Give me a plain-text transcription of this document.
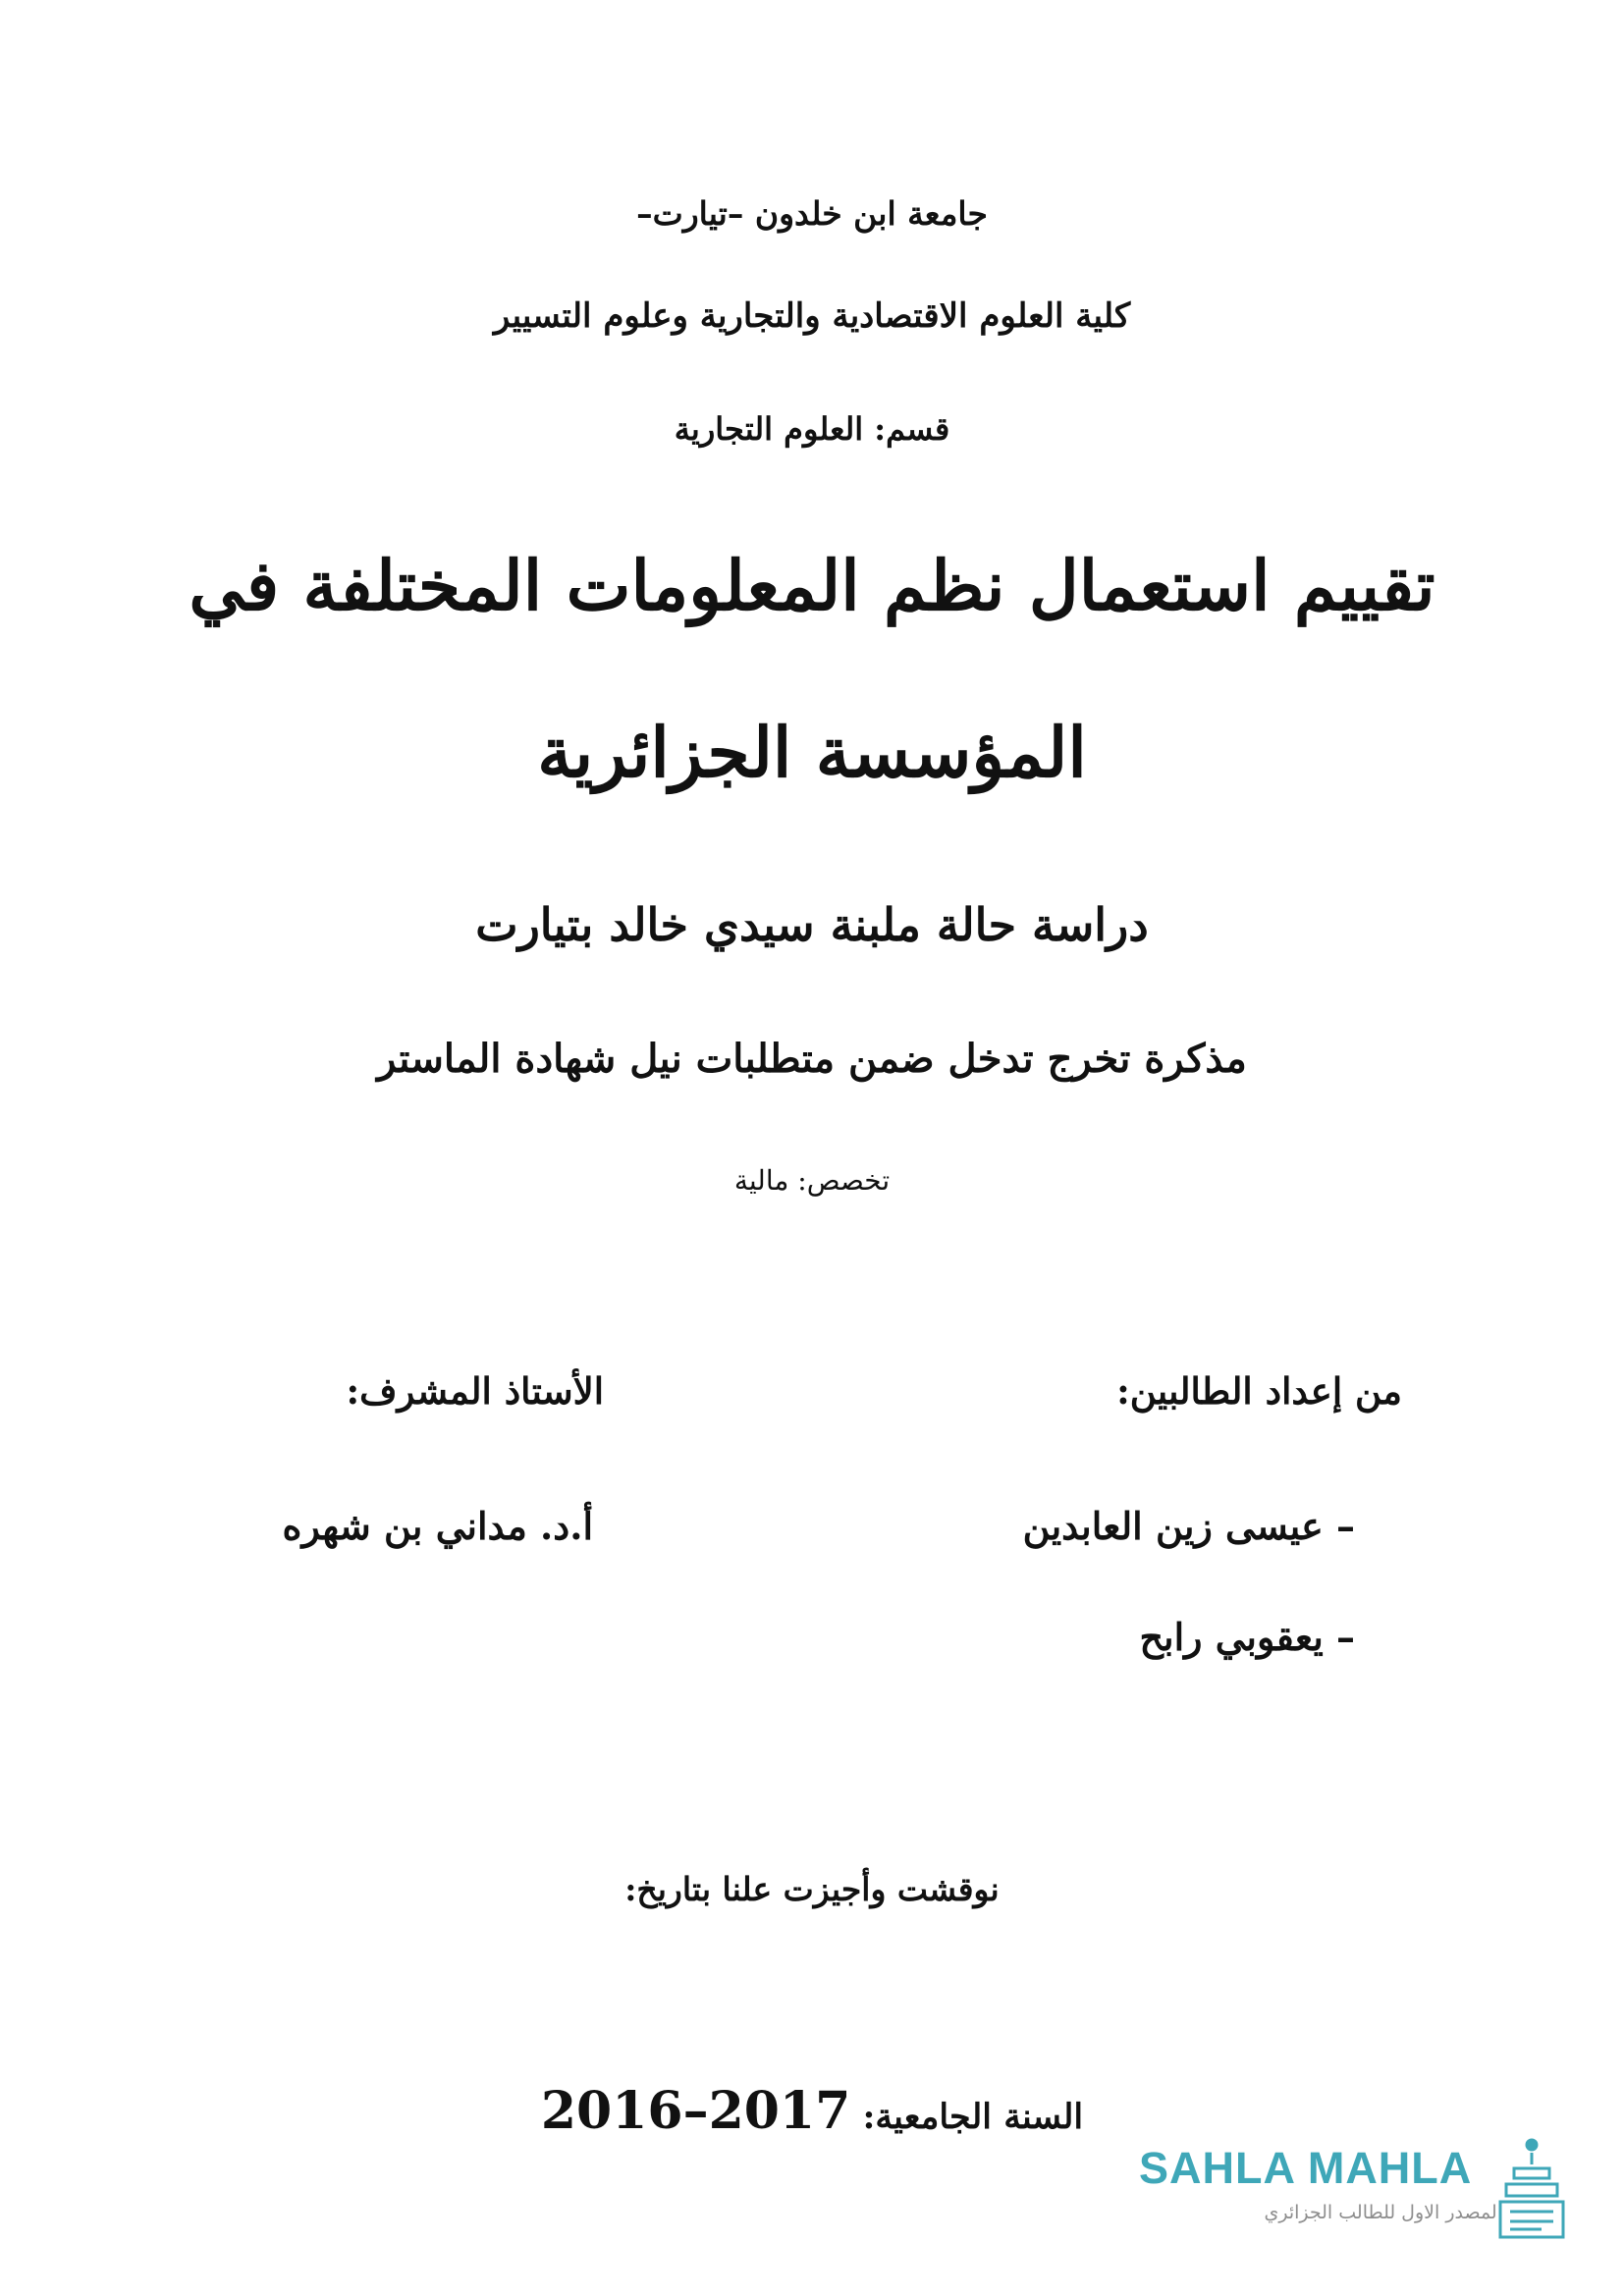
جامعة ابن خلدون –تيارت–
كلية العلوم الاقتصادية والتجارية وعلوم التسيير
قسم: العلوم التجارية
تقييم استعمال نظم المعلومات المختلفة في
المؤسسة الجزائرية
دراسة حالة ملبنة سيدي خالد بتيارت
مذكرة تخرج تدخل ضمن متطلبات نيل شهادة الماستر
تخصص: مالية
من إعداد الطالبين:
الأستاذ المشرف:
– عيسى زين العابدين
– يعقوبي رابح
أ.د. مداني بن شهره
نوقشت وأجيزت علنا بتاريخ:
السنة الجامعية: 2016–2017
SAHLA MAHLA
المصدر الاول للطالب الجزائري
